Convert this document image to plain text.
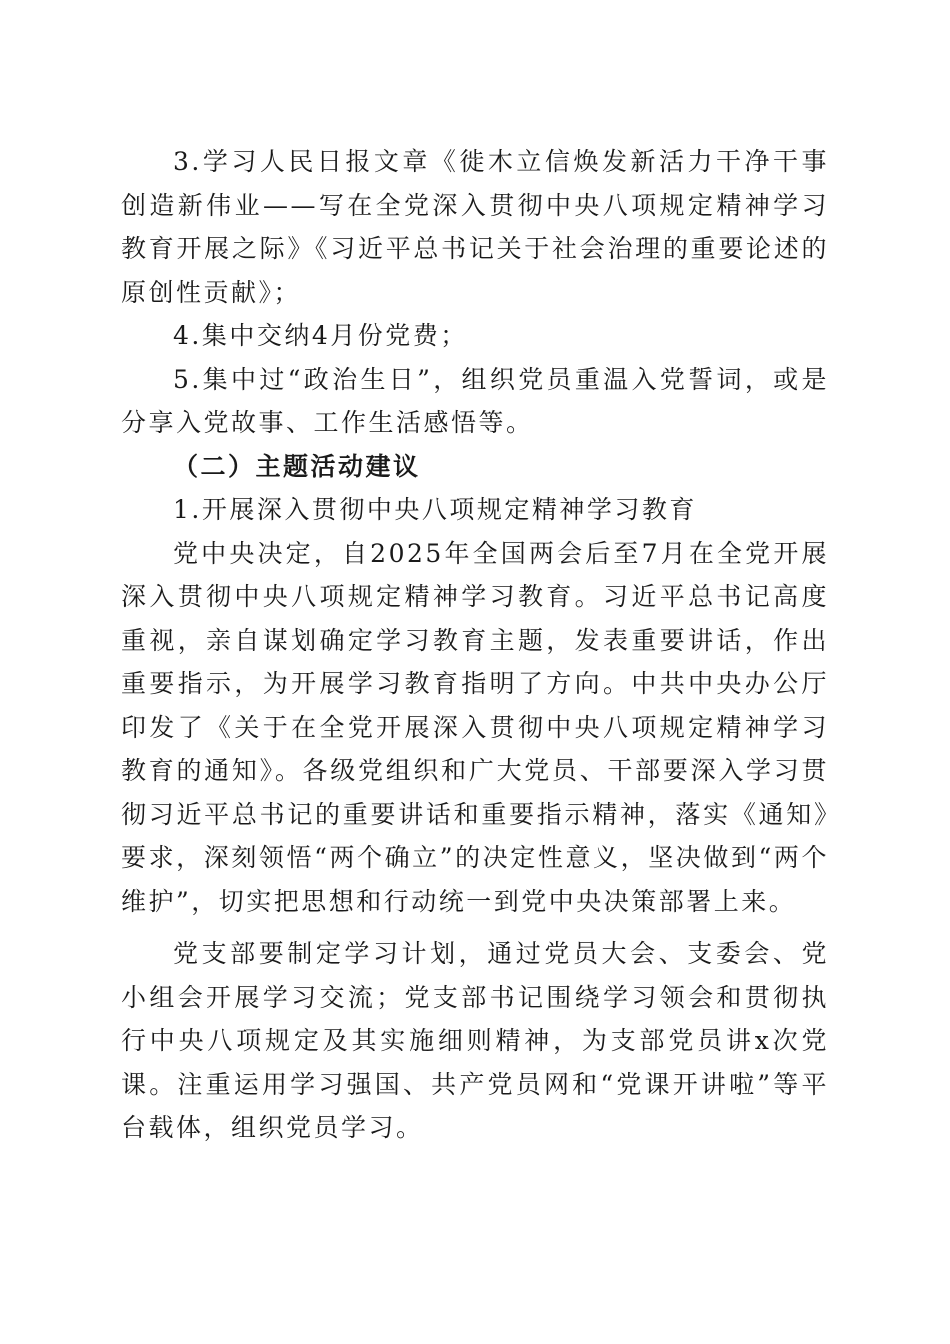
3.学习人民日报文章《徙木立信焕发新活力干净干事创造新伟业——写在全党深入贯彻中央八项规定精神学习教育开展之际》《习近平总书记关于社会治理的重要论述的原创性贡献》；

4.集中交纳4月份党费；

5.集中过“政治生日”，组织党员重温入党誓词，或是分享入党故事、工作生活感悟等。

（二）主题活动建议

1.开展深入贯彻中央八项规定精神学习教育

党中央决定，自2025年全国两会后至7月在全党开展深入贯彻中央八项规定精神学习教育。习近平总书记高度重视，亲自谋划确定学习教育主题，发表重要讲话，作出重要指示，为开展学习教育指明了方向。中共中央办公厅印发了《关于在全党开展深入贯彻中央八项规定精神学习教育的通知》。各级党组织和广大党员、干部要深入学习贯彻习近平总书记的重要讲话和重要指示精神，落实《通知》要求，深刻领悟“两个确立”的决定性意义，坚决做到“两个维护”，切实把思想和行动统一到党中央决策部署上来。

党支部要制定学习计划，通过党员大会、支委会、党小组会开展学习交流；党支部书记围绕学习领会和贯彻执行中央八项规定及其实施细则精神，为支部党员讲x次党课。注重运用学习强国、共产党员网和“党课开讲啦”等平台载体，组织党员学习。
